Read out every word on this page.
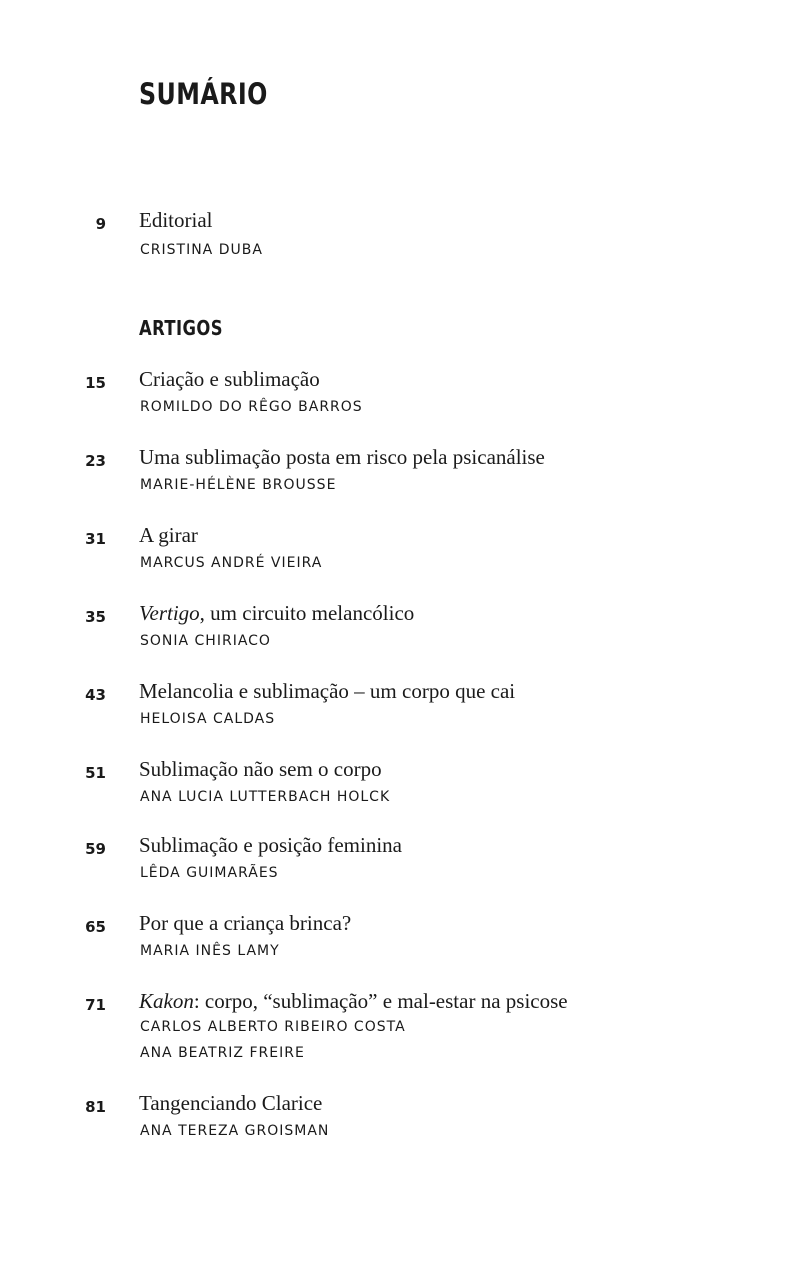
SUMÁRIO
9 Editorial
CRISTINA DUBA
ARTIGOS
15 Criação e sublimação
ROMILDO DO RÊGO BARROS
23 Uma sublimação posta em risco pela psicanálise
MARIE-HÉLÈNE BROUSSE
31 A girar
MARCUS ANDRÉ VIEIRA
35 Vertigo, um circuito melancólico
SONIA CHIRIACO
43 Melancolia e sublimação – um corpo que cai
HELOISA CALDAS
51 Sublimação não sem o corpo
ANA LUCIA LUTTERBACH HOLCK
59 Sublimação e posição feminina
LÊDA GUIMARÃES
65 Por que a criança brinca?
MARIA INÊS LAMY
71 Kakon: corpo, “sublimação” e mal-estar na psicose
CARLOS ALBERTO RIBEIRO COSTA
ANA BEATRIZ FREIRE
81 Tangenciando Clarice
ANA TEREZA GROISMAN
